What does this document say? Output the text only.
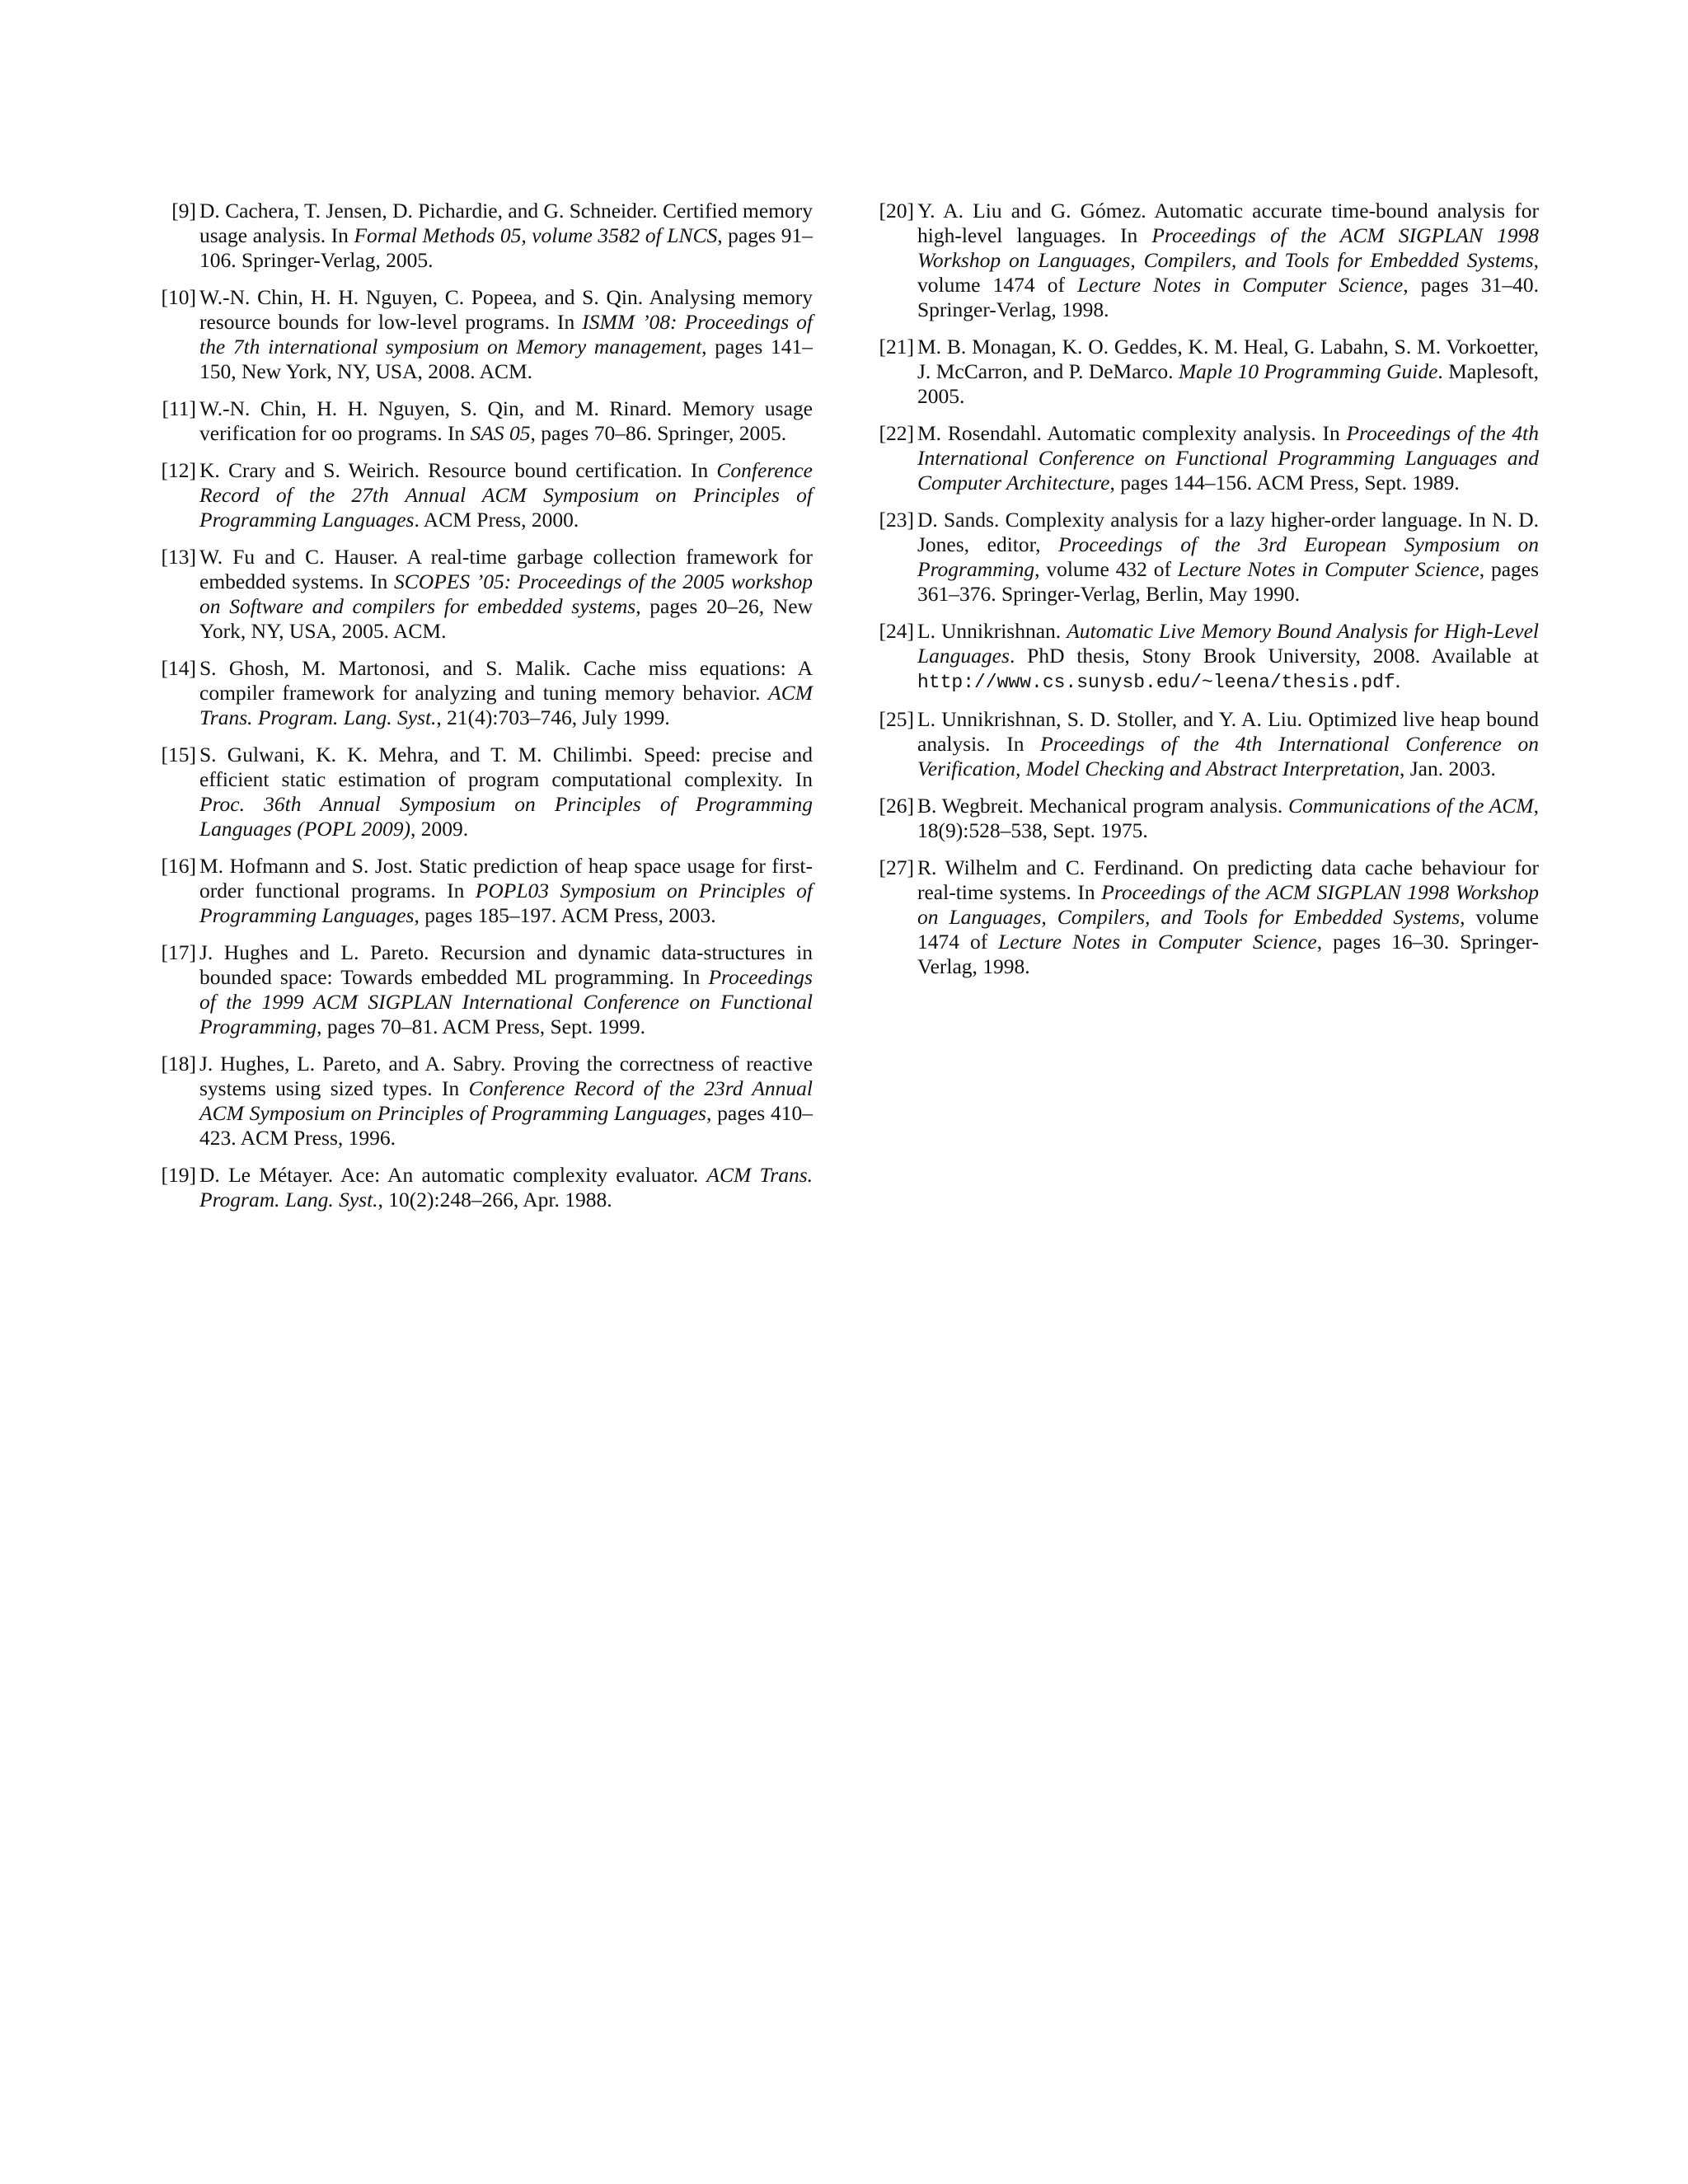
[9] D. Cachera, T. Jensen, D. Pichardie, and G. Schneider. Certified memory usage analysis. In Formal Methods 05, volume 3582 of LNCS, pages 91–106. Springer-Verlag, 2005.
[10] W.-N. Chin, H. H. Nguyen, C. Popeea, and S. Qin. Analysing memory resource bounds for low-level programs. In ISMM ’08: Proceedings of the 7th international symposium on Memory management, pages 141–150, New York, NY, USA, 2008. ACM.
[11] W.-N. Chin, H. H. Nguyen, S. Qin, and M. Rinard. Memory usage verification for oo programs. In SAS 05, pages 70–86. Springer, 2005.
[12] K. Crary and S. Weirich. Resource bound certification. In Conference Record of the 27th Annual ACM Symposium on Principles of Programming Languages. ACM Press, 2000.
[13] W. Fu and C. Hauser. A real-time garbage collection framework for embedded systems. In SCOPES ’05: Proceedings of the 2005 workshop on Software and compilers for embedded systems, pages 20–26, New York, NY, USA, 2005. ACM.
[14] S. Ghosh, M. Martonosi, and S. Malik. Cache miss equations: A compiler framework for analyzing and tuning memory behavior. ACM Trans. Program. Lang. Syst., 21(4):703–746, July 1999.
[15] S. Gulwani, K. K. Mehra, and T. M. Chilimbi. Speed: precise and efficient static estimation of program computational complexity. In Proc. 36th Annual Symposium on Principles of Programming Languages (POPL 2009), 2009.
[16] M. Hofmann and S. Jost. Static prediction of heap space usage for first-order functional programs. In POPL03 Symposium on Principles of Programming Languages, pages 185–197. ACM Press, 2003.
[17] J. Hughes and L. Pareto. Recursion and dynamic data-structures in bounded space: Towards embedded ML programming. In Proceedings of the 1999 ACM SIGPLAN International Conference on Functional Programming, pages 70–81. ACM Press, Sept. 1999.
[18] J. Hughes, L. Pareto, and A. Sabry. Proving the correctness of reactive systems using sized types. In Conference Record of the 23rd Annual ACM Symposium on Principles of Programming Languages, pages 410–423. ACM Press, 1996.
[19] D. Le Métayer. Ace: An automatic complexity evaluator. ACM Trans. Program. Lang. Syst., 10(2):248–266, Apr. 1988.
[20] Y. A. Liu and G. Gómez. Automatic accurate time-bound analysis for high-level languages. In Proceedings of the ACM SIGPLAN 1998 Workshop on Languages, Compilers, and Tools for Embedded Systems, volume 1474 of Lecture Notes in Computer Science, pages 31–40. Springer-Verlag, 1998.
[21] M. B. Monagan, K. O. Geddes, K. M. Heal, G. Labahn, S. M. Vorkoetter, J. McCarron, and P. DeMarco. Maple 10 Programming Guide. Maplesoft, 2005.
[22] M. Rosendahl. Automatic complexity analysis. In Proceedings of the 4th International Conference on Functional Programming Languages and Computer Architecture, pages 144–156. ACM Press, Sept. 1989.
[23] D. Sands. Complexity analysis for a lazy higher-order language. In N. D. Jones, editor, Proceedings of the 3rd European Symposium on Programming, volume 432 of Lecture Notes in Computer Science, pages 361–376. Springer-Verlag, Berlin, May 1990.
[24] L. Unnikrishnan. Automatic Live Memory Bound Analysis for High-Level Languages. PhD thesis, Stony Brook University, 2008. Available at http://www.cs.sunysb.edu/~leena/thesis.pdf.
[25] L. Unnikrishnan, S. D. Stoller, and Y. A. Liu. Optimized live heap bound analysis. In Proceedings of the 4th International Conference on Verification, Model Checking and Abstract Interpretation, Jan. 2003.
[26] B. Wegbreit. Mechanical program analysis. Communications of the ACM, 18(9):528–538, Sept. 1975.
[27] R. Wilhelm and C. Ferdinand. On predicting data cache behaviour for real-time systems. In Proceedings of the ACM SIGPLAN 1998 Workshop on Languages, Compilers, and Tools for Embedded Systems, volume 1474 of Lecture Notes in Computer Science, pages 16–30. Springer-Verlag, 1998.
